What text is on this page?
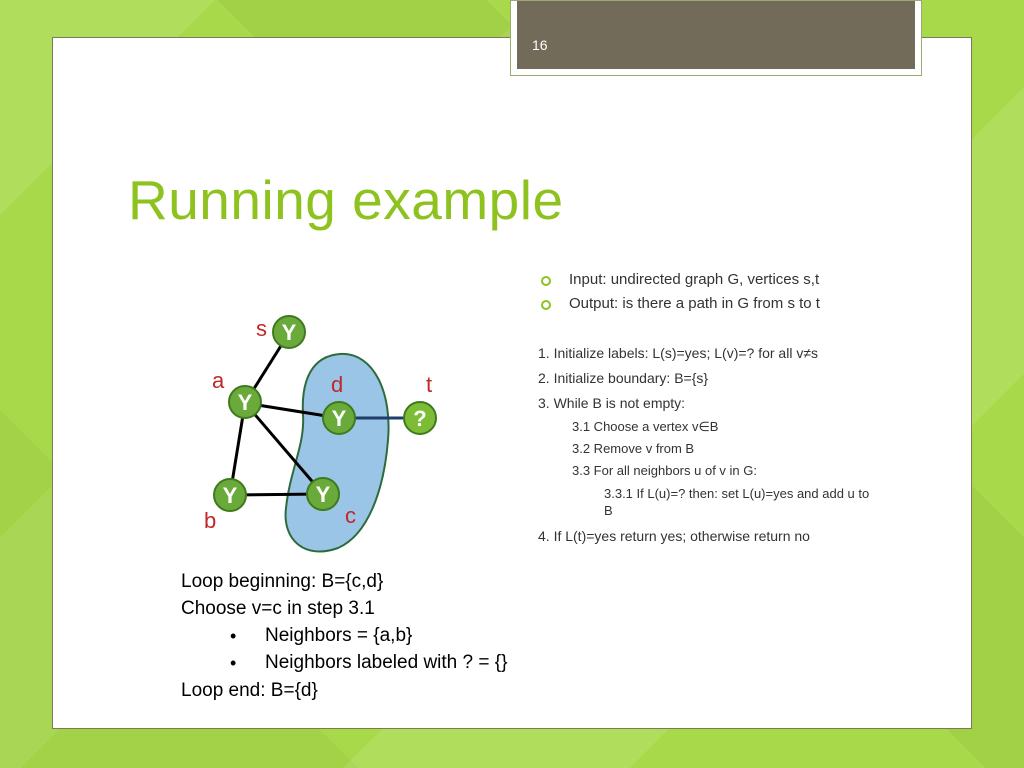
16
Running example
Input: undirected graph G, vertices s,t
Output: is there a path in G from s to t
1. Initialize labels: L(s)=yes; L(v)=? for all v≠s
2. Initialize boundary: B={s}
3. While B is not empty:
3.1 Choose a vertex v∈B
3.2 Remove v from B
3.3 For all neighbors u of v in G:
3.3.1 If L(u)=? then: set L(u)=yes and add u to
B
4. If L(t)=yes return yes; otherwise return no
Y
Y
Y	Y
Y	?
s
a
b	c
d	t
Loop beginning: B={c,d}
Choose v=c in step 3.1
• Neighbors = {a,b}
• Neighbors labeled with ? = {}
Loop end: B={d}
